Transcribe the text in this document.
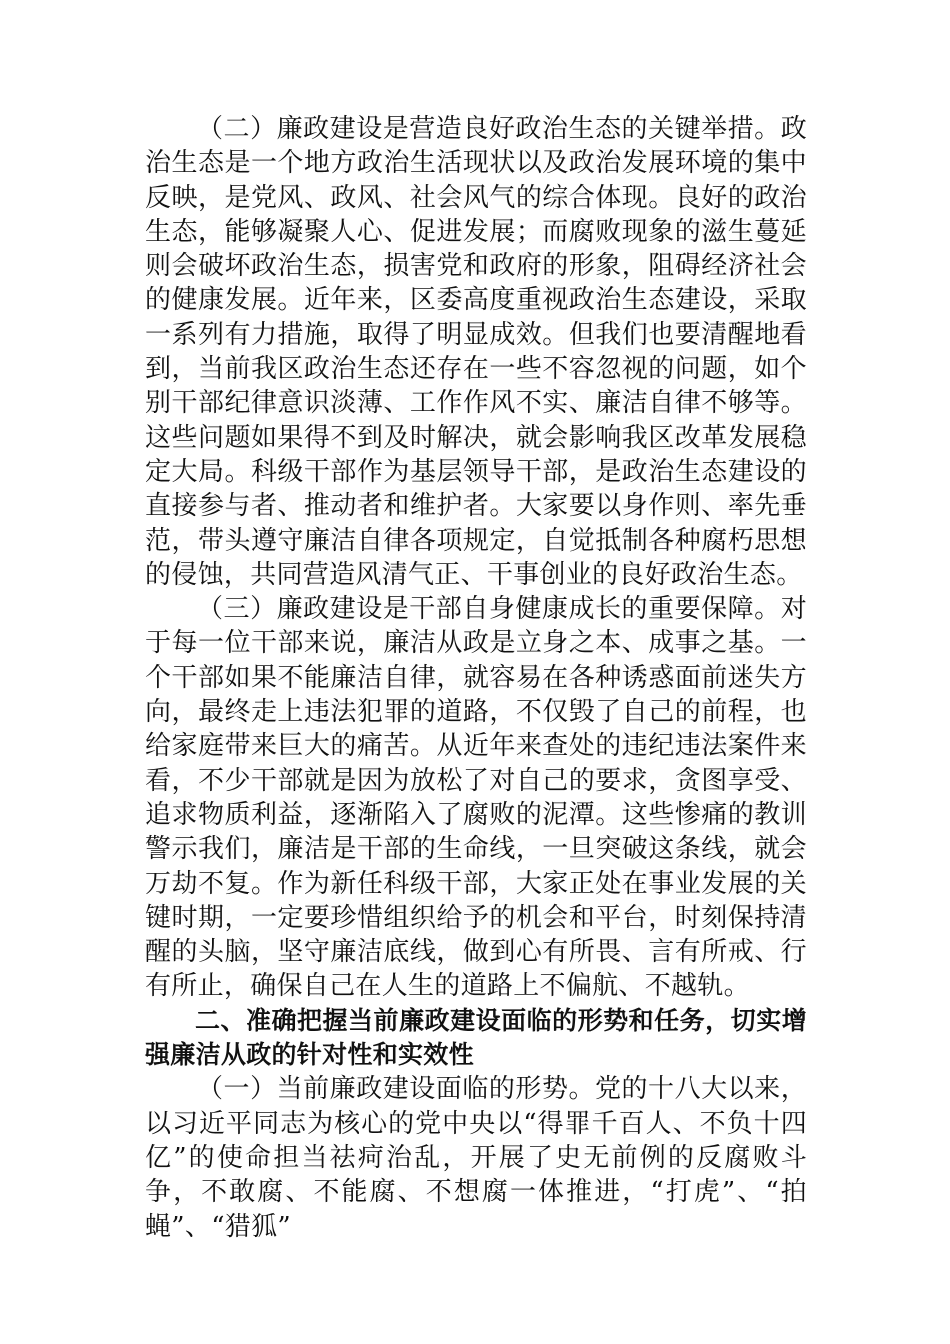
（二）廉政建设是营造良好政治生态的关键举措。政治生态是一个地方政治生活现状以及政治发展环境的集中反映，是党风、政风、社会风气的综合体现。良好的政治生态，能够凝聚人心、促进发展；而腐败现象的滋生蔓延则会破坏政治生态，损害党和政府的形象，阻碍经济社会的健康发展。近年来，区委高度重视政治生态建设，采取一系列有力措施，取得了明显成效。但我们也要清醒地看到，当前我区政治生态还存在一些不容忽视的问题，如个别干部纪律意识淡薄、工作作风不实、廉洁自律不够等。这些问题如果得不到及时解决，就会影响我区改革发展稳定大局。科级干部作为基层领导干部，是政治生态建设的直接参与者、推动者和维护者。大家要以身作则、率先垂范，带头遵守廉洁自律各项规定，自觉抵制各种腐朽思想的侵蚀，共同营造风清气正、干事创业的良好政治生态。

（三）廉政建设是干部自身健康成长的重要保障。对于每一位干部来说，廉洁从政是立身之本、成事之基。一个干部如果不能廉洁自律，就容易在各种诱惑面前迷失方向，最终走上违法犯罪的道路，不仅毁了自己的前程，也给家庭带来巨大的痛苦。从近年来查处的违纪违法案件来看，不少干部就是因为放松了对自己的要求，贪图享受、追求物质利益，逐渐陷入了腐败的泥潭。这些惨痛的教训警示我们，廉洁是干部的生命线，一旦突破这条线，就会万劫不复。作为新任科级干部，大家正处在事业发展的关键时期，一定要珍惜组织给予的机会和平台，时刻保持清醒的头脑，坚守廉洁底线，做到心有所畏、言有所戒、行有所止，确保自己在人生的道路上不偏航、不越轨。

二、准确把握当前廉政建设面临的形势和任务，切实增强廉洁从政的针对性和实效性

（一）当前廉政建设面临的形势。党的十八大以来，以习近平同志为核心的党中央以“得罪千百人、不负十四亿”的使命担当祛疴治乱，开展了史无前例的反腐败斗争，不敢腐、不能腐、不想腐一体推进，“打虎”、“拍蝇”、“猎狐”
